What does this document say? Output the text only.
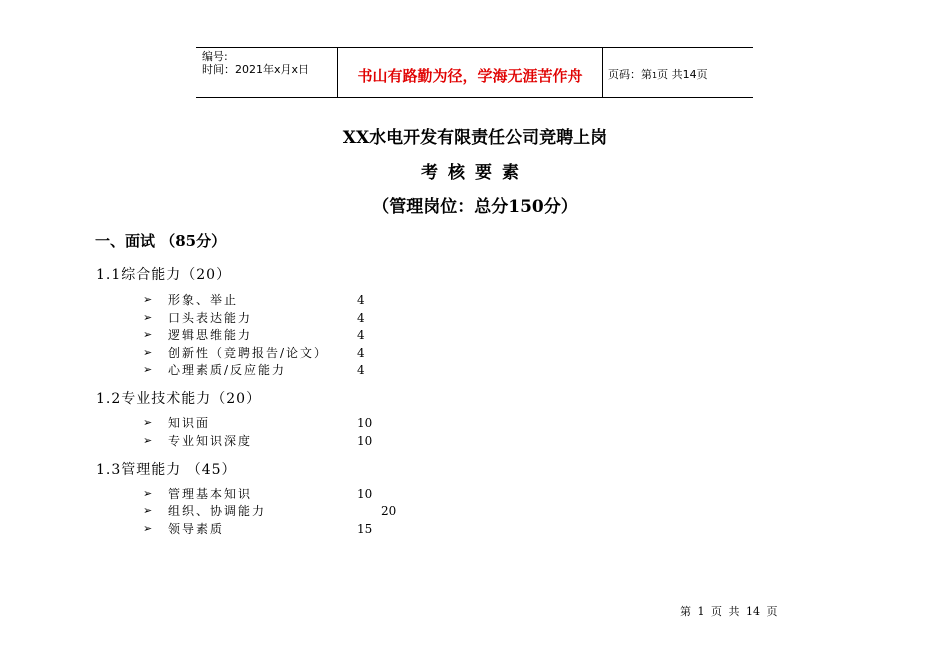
编号:
时间：2021年x月x日	书山有路勤为径，学海无涯苦作舟	页码：第1页 共14页
XX水电开发有限责任公司竞聘上岗
考核要素
（管理岗位：总分150分）
一、面试 （85分）
1.1综合能力（20）
➢ 形象、举止	4
➢ 口头表达能力	4
➢ 逻辑思维能力	4
➢ 创新性（竞聘报告/论文） 4
➢ 心理素质/反应能力	4
1.2专业技术能力（20）
➢ 知识面	10
➢ 专业知识深度	10
1.3管理能力 （45）
➢ 管理基本知识	10
➢ 组织、协调能力	20
➢ 领导素质	15
第 1 页 共 14 页
